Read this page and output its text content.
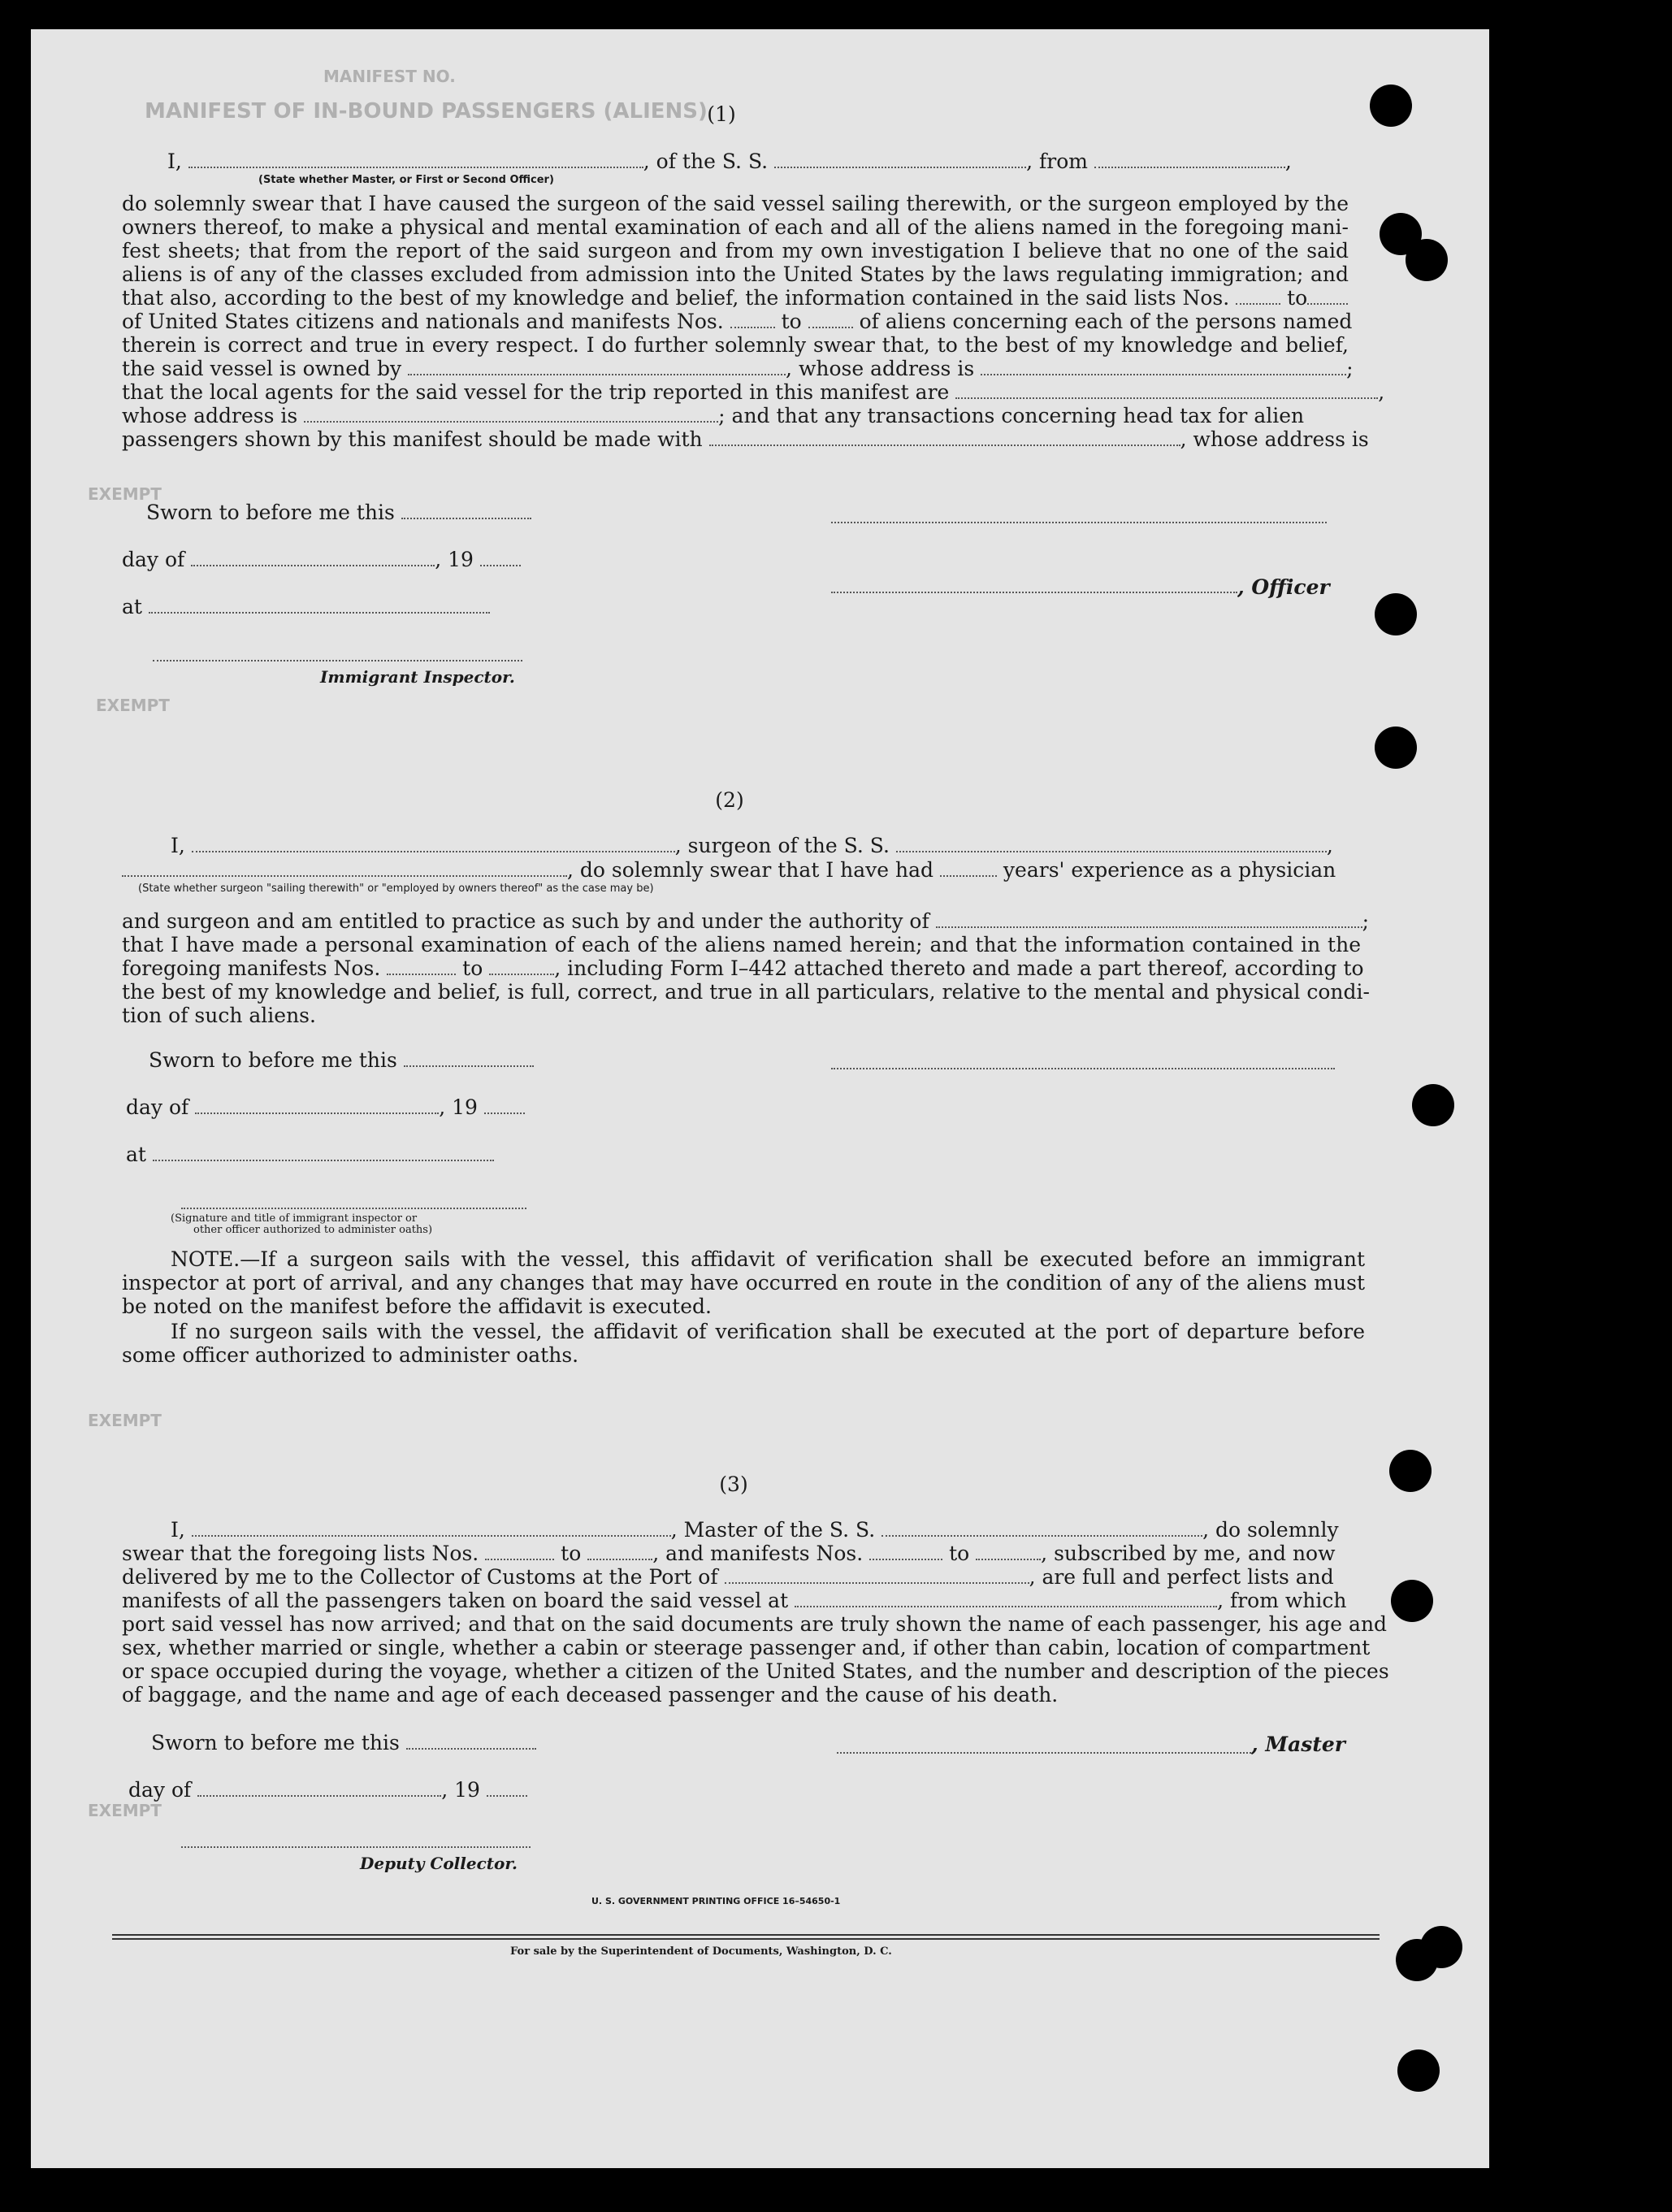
MANIFEST NO.
MANIFEST OF IN-BOUND PASSENGERS (ALIENS)
EXEMPT
EXEMPT
EXEMPT
EXEMPT
(1)
I,	, of the S. S.	, from	,
(State whether Master, or First or Second Officer)
do solemnly swear that I have caused the surgeon of the said vessel sailing therewith, or the surgeon employed by the
owners thereof, to make a physical and mental examination of each and all of the aliens named in the foregoing mani-
fest sheets; that from the report of the said surgeon and from my own investigation I believe that no one of the said
aliens is of any of the classes excluded from admission into the United States by the laws regulating immigration; and
that also, according to the best of my knowledge and belief, the information contained in the said lists Nos.	to
of United States citizens and nationals and manifests Nos.	to	of aliens concerning each of the persons named
therein is correct and true in every respect. I do further solemnly swear that, to the best of my knowledge and belief,
the said vessel is owned by	, whose address is	;
that the local agents for the said vessel for the trip reported in this manifest are	,
whose address is	; and that any transactions concerning head tax for alien
passengers shown by this manifest should be made with	, whose address is
Sworn to before me this
day of	, 19
, Officer
at
Immigrant Inspector.
(2)
I,	, surgeon of the S. S.	,
, do solemnly swear that I have had	years' experience as a physician
(State whether surgeon "sailing therewith" or "employed by owners thereof" as the case may be)
and surgeon and am entitled to practice as such by and under the authority of	;
that I have made a personal examination of each of the aliens named herein; and that the information contained in the
foregoing manifests Nos.	to	, including Form I–442 attached thereto and made a part thereof, according to
the best of my knowledge and belief, is full, correct, and true in all particulars, relative to the mental and physical condi-
tion of such aliens.
Sworn to before me this
day of	, 19
at
(Signature and title of immigrant inspector or
other officer authorized to administer oaths)
NOTE.—If a surgeon sails with the vessel, this affidavit of verification shall be executed before an immigrant
inspector at port of arrival, and any changes that may have occurred en route in the condition of any of the aliens must
be noted on the manifest before the affidavit is executed.
If no surgeon sails with the vessel, the affidavit of verification shall be executed at the port of departure before
some officer authorized to administer oaths.
(3)
I,	, Master of the S. S.	, do solemnly
swear that the foregoing lists Nos.	to	, and manifests Nos.	to	, subscribed by me, and now
delivered by me to the Collector of Customs at the Port of	, are full and perfect lists and
manifests of all the passengers taken on board the said vessel at	, from which
port said vessel has now arrived; and that on the said documents are truly shown the name of each passenger, his age and
sex, whether married or single, whether a cabin or steerage passenger and, if other than cabin, location of compartment
or space occupied during the voyage, whether a citizen of the United States, and the number and description of the pieces
of baggage, and the name and age of each deceased passenger and the cause of his death.
Sworn to before me this	, Master
day of	, 19
Deputy Collector.
U. S. GOVERNMENT PRINTING OFFICE 16–54650-1
For sale by the Superintendent of Documents, Washington, D. C.
